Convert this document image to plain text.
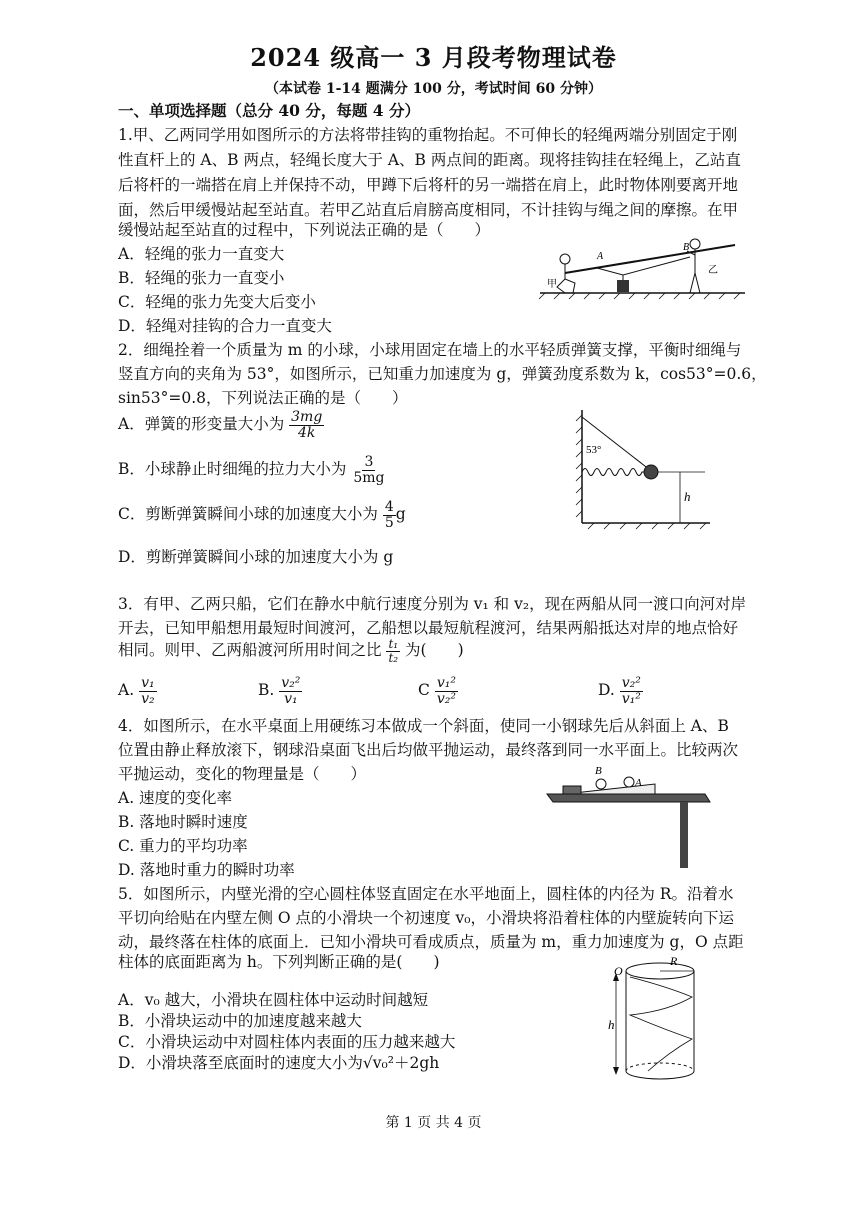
2024 级高一 3 月段考物理试卷
（本试卷 1-14 题满分 100 分，考试时间 60 分钟）
一、单项选择题（总分 40 分，每题 4 分）
1.甲、乙两同学用如图所示的方法将带挂钩的重物抬起。不可伸长的轻绳两端分别固定于刚
性直杆上的 A、B 两点，轻绳长度大于 A、B 两点间的距离。现将挂钩挂在轻绳上，乙站直
后将杆的一端搭在肩上并保持不动，甲蹲下后将杆的另一端搭在肩上，此时物体刚要离开地
面，然后甲缓慢站起至站直。若甲乙站直后肩膀高度相同，不计挂钩与绳之间的摩擦。在甲
缓慢站起至站直的过程中，下列说法正确的是（　　）
A．轻绳的张力一直变大
B．轻绳的张力一直变小
C．轻绳的张力先变大后变小
D．轻绳对挂钩的合力一直变大
A
B
甲
乙
2．细绳拴着一个质量为 m 的小球，小球用固定在墙上的水平轻质弹簧支撑，平衡时细绳与
竖直方向的夹角为 53°，如图所示，已知重力加速度为 g，弹簧劲度系数为 k，cos53°=0.6，
sin53°=0.8，下列说法正确的是（　　）
A．弹簧的形变量大小为 $\frac{3mg}{4k}$
B．小球静止时细绳的拉力大小为 $\frac{3}{5mg}$
C．剪断弹簧瞬间小球的加速度大小为 $\frac{4}{5}$ g
D．剪断弹簧瞬间小球的加速度大小为 g
h
53°
3．有甲、乙两只船，它们在静水中航行速度分别为 v₁ 和 v₂，现在两船从同一渡口向河对岸
开去，已知甲船想用最短时间渡河，乙船想以最短航程渡河，结果两船抵达对岸的地点恰好
相同。则甲、乙两船渡河所用时间之比 $\frac{\text{t₁}}{\text{t₂}}$ 为(　　)
A. $\frac{\text{v₁}}{\text{v₂}}$	B. $\frac{\text{v₂²}}{\text{v₁}}$	C $\frac{\text{v₁²}}{\text{v₂²}}$	D. $\frac{\text{v₂²}}{\text{v₁²}}$
4．如图所示，在水平桌面上用硬练习本做成一个斜面，使同一小钢球先后从斜面上 A、B
位置由静止释放滚下，钢球沿桌面飞出后均做平抛运动，最终落到同一水平面上。比较两次
平抛运动，变化的物理量是（　　）
A. 速度的变化率
B. 落地时瞬时速度
C. 重力的平均功率
D. 落地时重力的瞬时功率
B
A
5．如图所示，内壁光滑的空心圆柱体竖直固定在水平地面上，圆柱体的内径为 R。沿着水
平切向给贴在内壁左侧 O 点的小滑块一个初速度 v₀，小滑块将沿着柱体的内壁旋转向下运
动，最终落在柱体的底面上．已知小滑块可看成质点，质量为 m，重力加速度为 g，O 点距
柱体的底面距离为 h。下列判断正确的是(　　)
A．v₀ 越大，小滑块在圆柱体中运动时间越短
B．小滑块运动中的加速度越来越大
C．小滑块运动中对圆柱体内表面的压力越来越大
D．小滑块落至底面时的速度大小为√v₀²＋2gh
O
R
h
第 1 页 共 4 页
